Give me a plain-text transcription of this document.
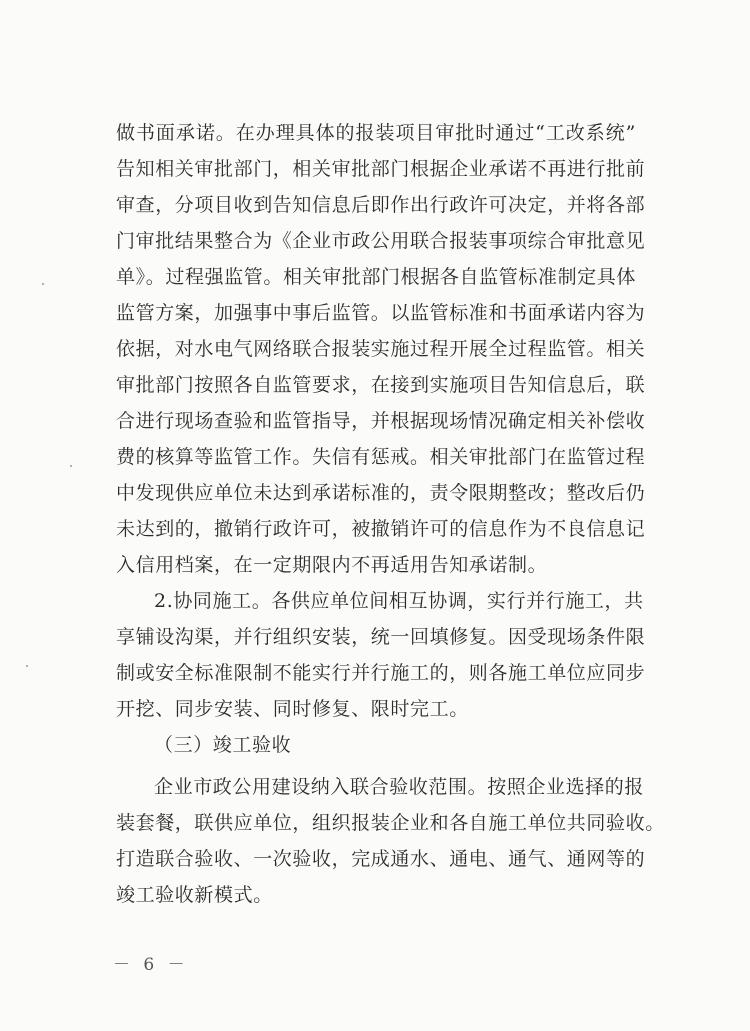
做书面承诺。在办理具体的报装项目审批时通过“工改系统”
告知相关审批部门，相关审批部门根据企业承诺不再进行批前
审查，分项目收到告知信息后即作出行政许可决定，并将各部
门审批结果整合为《企业市政公用联合报装事项综合审批意见
单》。过程强监管。相关审批部门根据各自监管标准制定具体
监管方案，加强事中事后监管。以监管标准和书面承诺内容为
依据，对水电气网络联合报装实施过程开展全过程监管。相关
审批部门按照各自监管要求，在接到实施项目告知信息后，联
合进行现场查验和监管指导，并根据现场情况确定相关补偿收
费的核算等监管工作。失信有惩戒。相关审批部门在监管过程
中发现供应单位未达到承诺标准的，责令限期整改；整改后仍
未达到的，撤销行政许可，被撤销许可的信息作为不良信息记
入信用档案，在一定期限内不再适用告知承诺制。
2.协同施工。各供应单位间相互协调，实行并行施工，共
享铺设沟渠，并行组织安装，统一回填修复。因受现场条件限
制或安全标准限制不能实行并行施工的，则各施工单位应同步
开挖、同步安装、同时修复、限时完工。
（三）竣工验收
企业市政公用建设纳入联合验收范围。按照企业选择的报
装套餐，联供应单位，组织报装企业和各自施工单位共同验收。
打造联合验收、一次验收，完成通水、通电、通气、通网等的
竣工验收新模式。
－ 6 －
